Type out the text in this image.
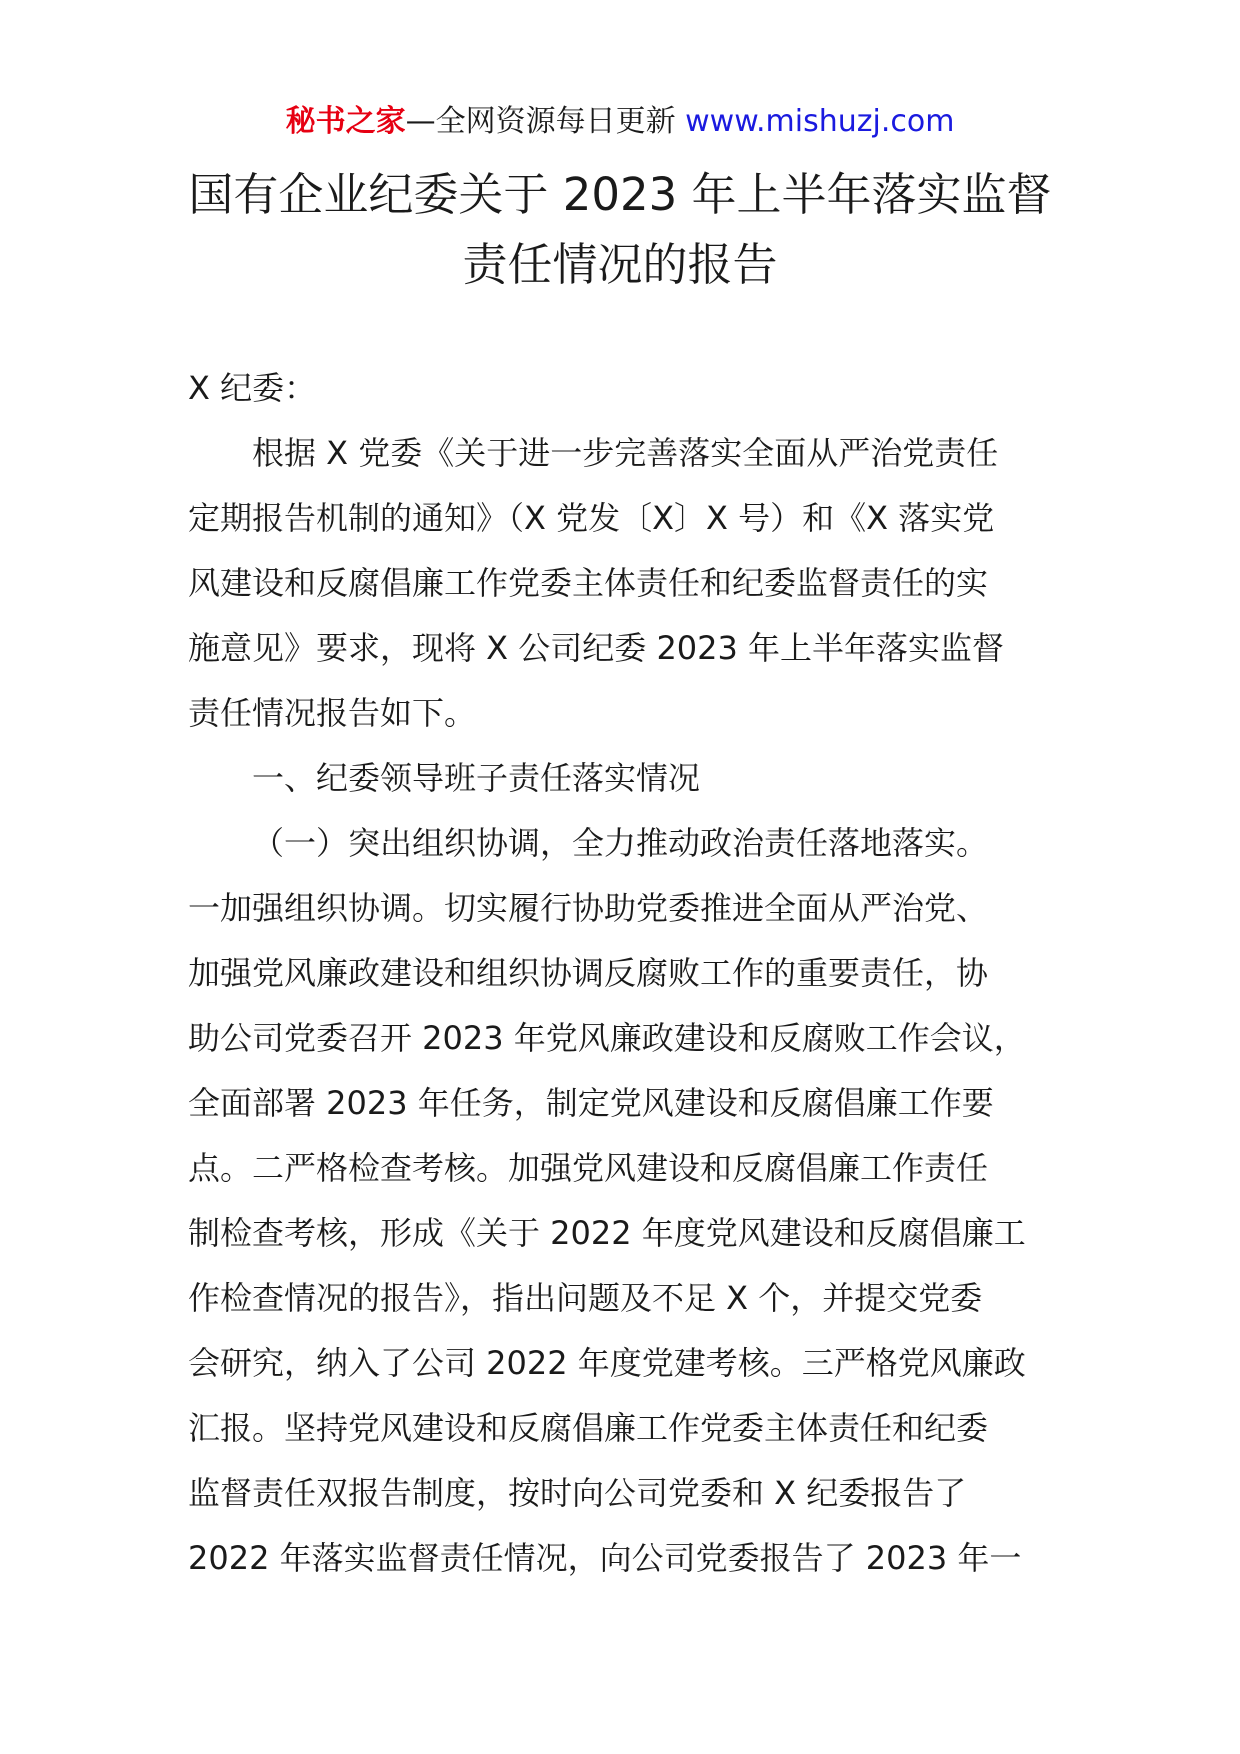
秘书之家—全网资源每日更新 www.mishuzj.com
国有企业纪委关于 2023 年上半年落实监督
责任情况的报告
X 纪委：
根据 X 党委《关于进一步完善落实全面从严治党责任
定期报告机制的通知》（X 党发〔X〕X 号）和《X 落实党
风建设和反腐倡廉工作党委主体责任和纪委监督责任的实
施意见》要求，现将 X 公司纪委 2023 年上半年落实监督
责任情况报告如下。
一、纪委领导班子责任落实情况
（一）突出组织协调，全力推动政治责任落地落实。
一加强组织协调。切实履行协助党委推进全面从严治党、
加强党风廉政建设和组织协调反腐败工作的重要责任，协
助公司党委召开 2023 年党风廉政建设和反腐败工作会议，
全面部署 2023 年任务，制定党风建设和反腐倡廉工作要
点。二严格检查考核。加强党风建设和反腐倡廉工作责任
制检查考核，形成《关于 2022 年度党风建设和反腐倡廉工
作检查情况的报告》，指出问题及不足 X 个，并提交党委
会研究，纳入了公司 2022 年度党建考核。三严格党风廉政
汇报。坚持党风建设和反腐倡廉工作党委主体责任和纪委
监督责任双报告制度，按时向公司党委和 X 纪委报告了
2022 年落实监督责任情况，向公司党委报告了 2023 年一
